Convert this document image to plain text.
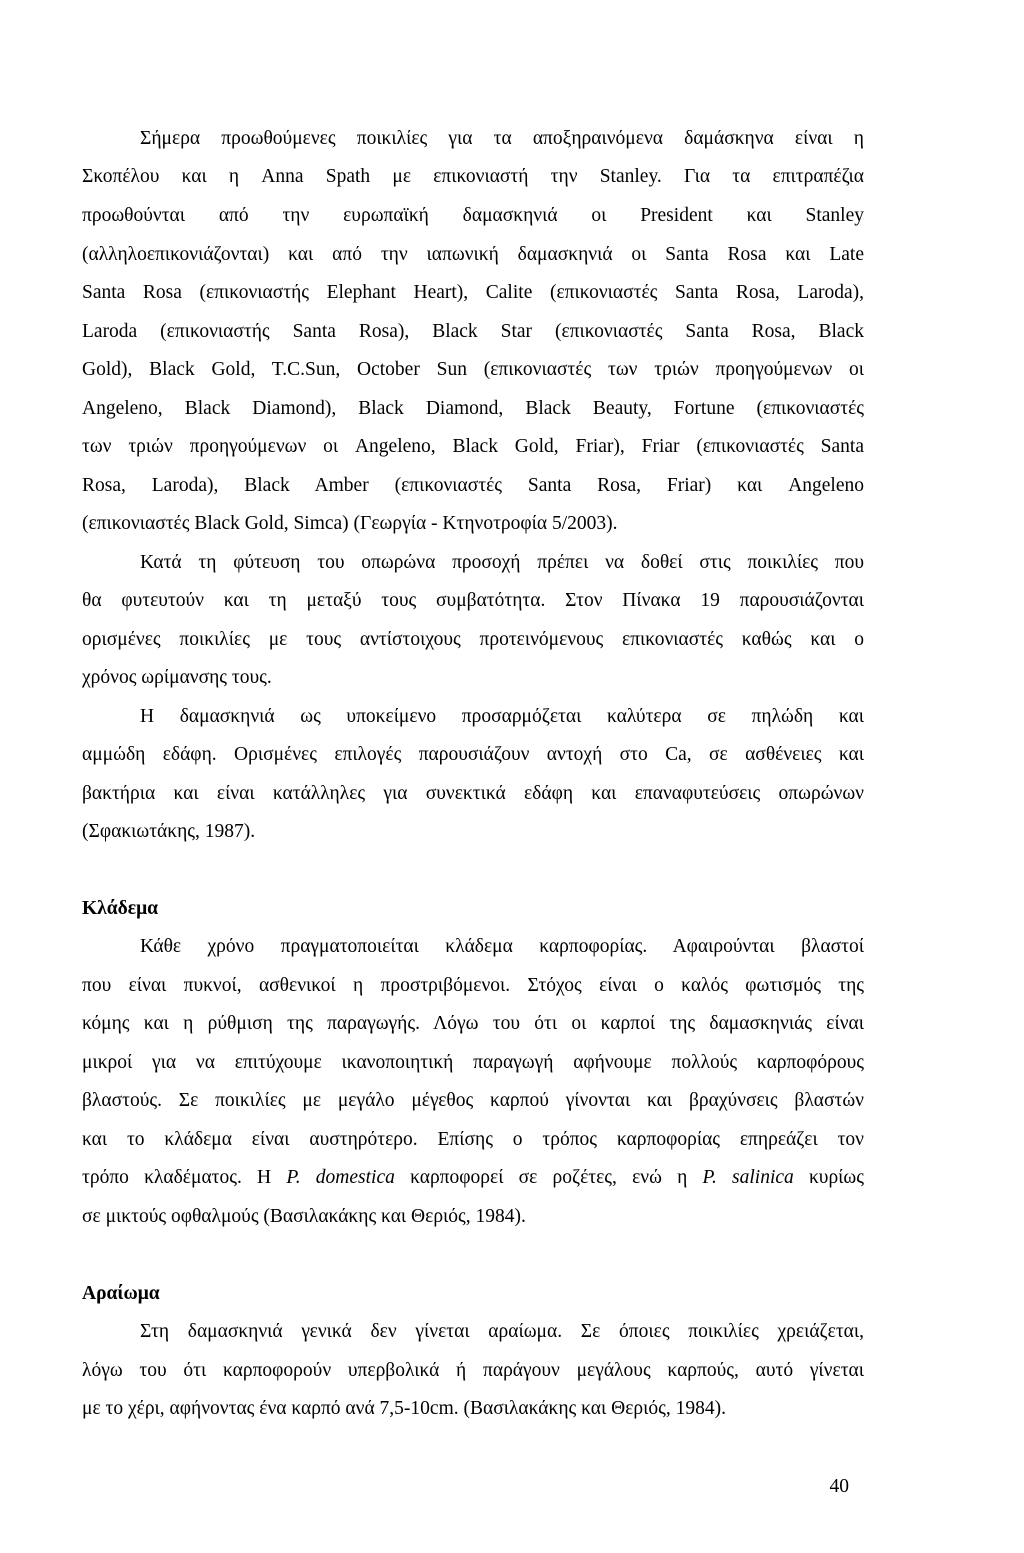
Σήμερα προωθούμενες ποικιλίες για τα αποξηραινόμενα δαμάσκηνα είναι η
Σκοπέλου και η Anna Spath με επικονιαστή την Stanley. Για τα επιτραπέζια
προωθούνται από την ευρωπαϊκή δαμασκηνιά οι President και Stanley
(αλληλοεπικονιάζονται) και από την ιαπωνική δαμασκηνιά οι Santa Rosa και Late
Santa Rosa (επικονιαστής Elephant Heart), Calite (επικονιαστές Santa Rosa, Laroda),
Laroda (επικονιαστής Santa Rosa), Black Star (επικονιαστές Santa Rosa, Black
Gold), Black Gold, T.C.Sun, October Sun (επικονιαστές των τριών προηγούμενων οι
Angeleno, Black Diamond), Black Diamond, Black Beauty, Fortune (επικονιαστές
των τριών προηγούμενων οι Angeleno, Black Gold, Friar), Friar (επικονιαστές Santa
Rosa, Laroda), Black Amber (επικονιαστές Santa Rosa, Friar) και Angeleno
(επικονιαστές Black Gold, Simca) (Γεωργία - Κτηνοτροφία 5/2003).
Κατά τη φύτευση του οπωρώνα προσοχή πρέπει να δοθεί στις ποικιλίες που
θα φυτευτούν και τη μεταξύ τους συμβατότητα. Στον Πίνακα 19 παρουσιάζονται
ορισμένες ποικιλίες με τους αντίστοιχους προτεινόμενους επικονιαστές καθώς και ο
χρόνος ωρίμανσης τους.
Η δαμασκηνιά ως υποκείμενο προσαρμόζεται καλύτερα σε πηλώδη και
αμμώδη εδάφη. Ορισμένες επιλογές παρουσιάζουν αντοχή στο Ca, σε ασθένειες και
βακτήρια και είναι κατάλληλες για συνεκτικά εδάφη και επαναφυτεύσεις οπωρώνων
(Σφακιωτάκης, 1987).
Κλάδεμα
Κάθε χρόνο πραγματοποιείται κλάδεμα καρποφορίας. Αφαιρούνται βλαστοί
που είναι πυκνοί, ασθενικοί η προστριβόμενοι. Στόχος είναι ο καλός φωτισμός της
κόμης και η ρύθμιση της παραγωγής. Λόγω του ότι οι καρποί της δαμασκηνιάς είναι
μικροί για να επιτύχουμε ικανοποιητική παραγωγή αφήνουμε πολλούς καρποφόρους
βλαστούς. Σε ποικιλίες με μεγάλο μέγεθος καρπού γίνονται και βραχύνσεις βλαστών
και το κλάδεμα είναι αυστηρότερο. Επίσης ο τρόπος καρποφορίας επηρεάζει τον
τρόπο κλαδέματος. Η P. domestica καρποφορεί σε ροζέτες, ενώ η P. salinica κυρίως
σε μικτούς οφθαλμούς (Βασιλακάκης και Θεριός, 1984).
Αραίωμα
Στη δαμασκηνιά γενικά δεν γίνεται αραίωμα. Σε όποιες ποικιλίες χρειάζεται,
λόγω του ότι καρποφορούν υπερβολικά ή παράγουν μεγάλους καρπούς, αυτό γίνεται
με το χέρι, αφήνοντας ένα καρπό ανά 7,5-10cm. (Βασιλακάκης και Θεριός, 1984).
40
